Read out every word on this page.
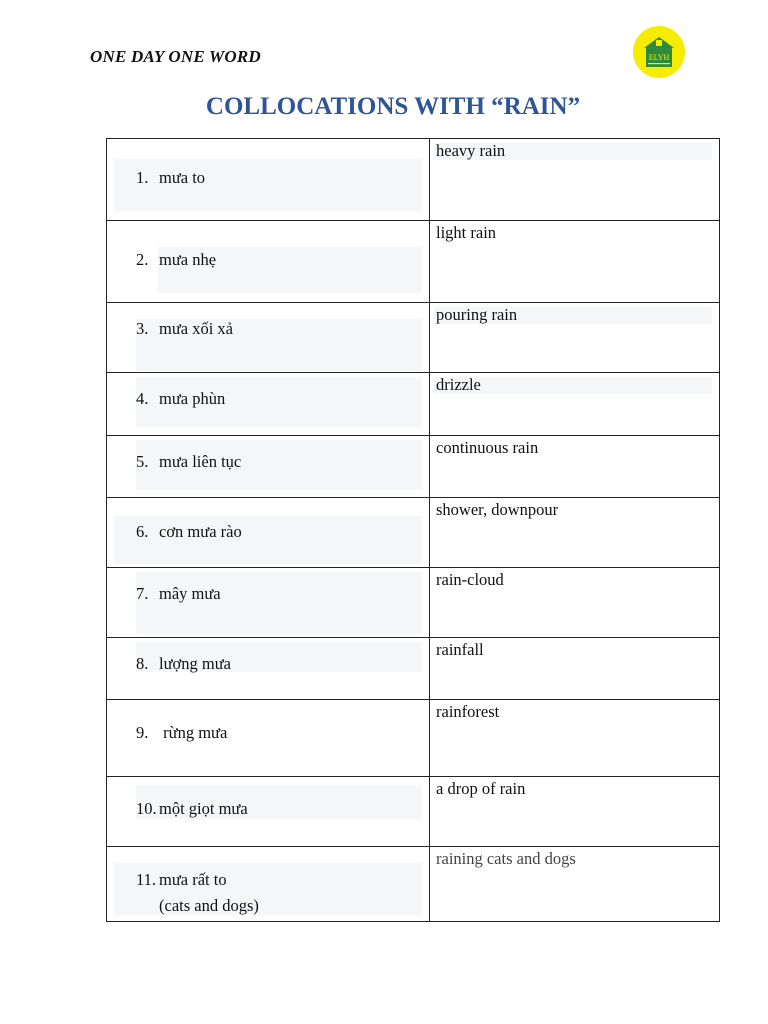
ONE DAY ONE WORD	ELYH
COLLOCATIONS WITH “RAIN”
1. mưa to	heavy rain

2. mưa nhẹ	light rain

3. mưa xối xả	pouring rain

4. mưa phùn	drizzle

5. mưa liên tục	continuous rain

6. cơn mưa rào	shower, downpour

7. mây mưa	rain-cloud

8. lượng mưa	rainfall

9. rừng mưa	rainforest

10. một giọt mưa	a drop of rain

11. mưa rất to
(cats and dogs)	raining cats and dogs
